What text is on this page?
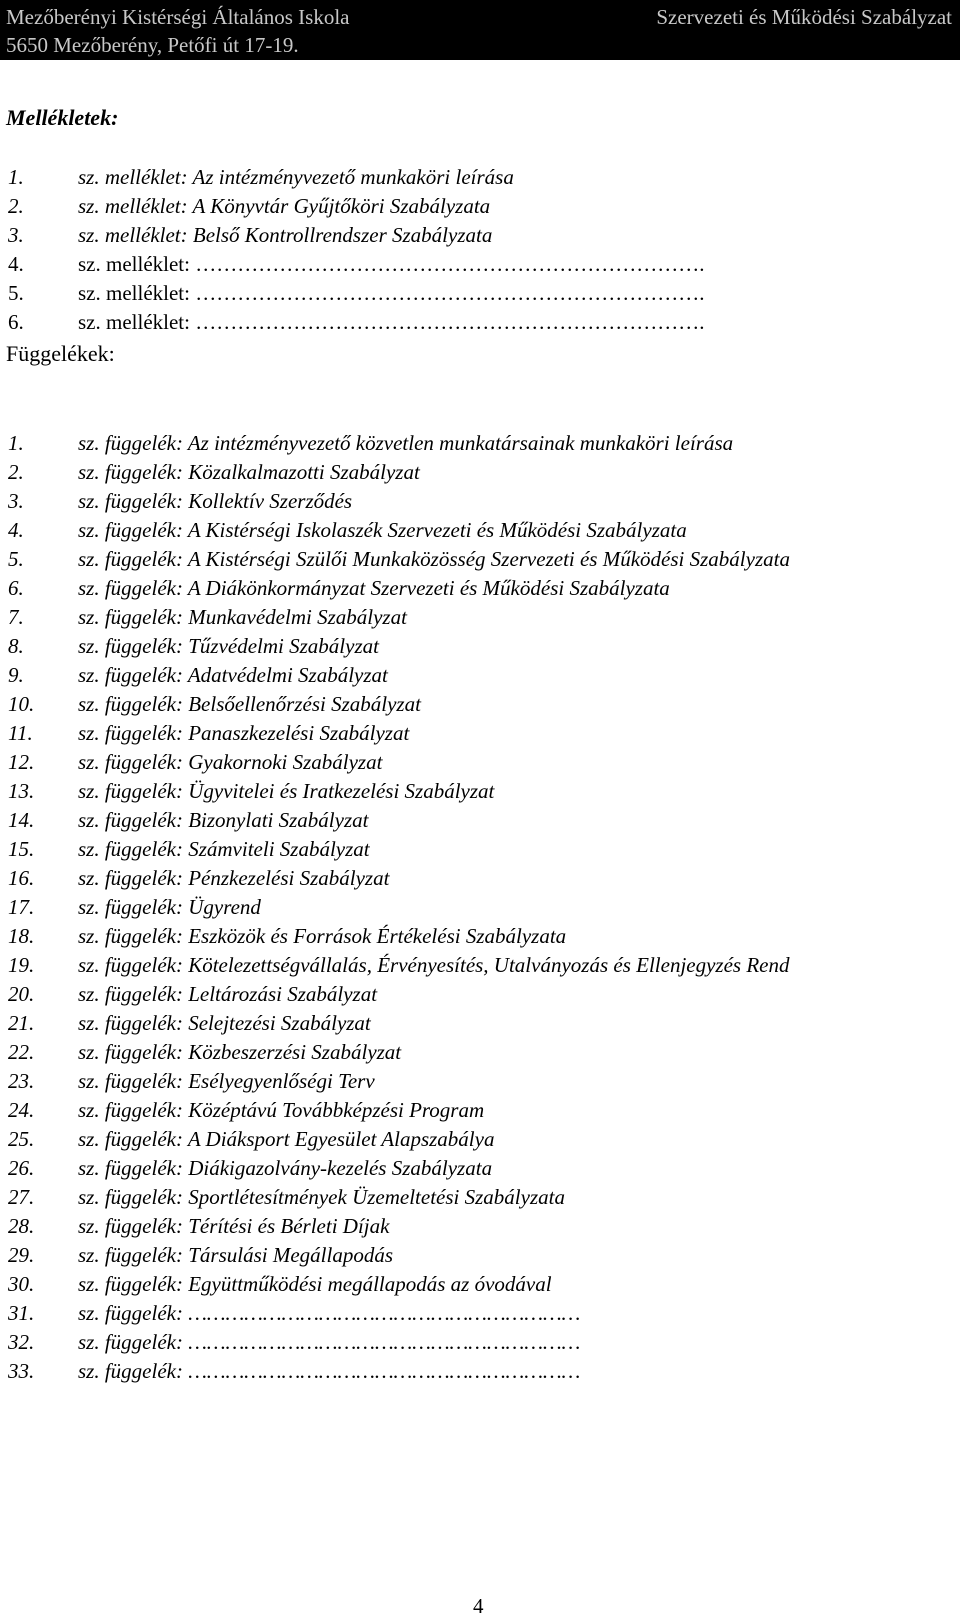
Mezőberényi Kistérségi Általános Iskola	Szervezeti és Működési Szabályzat
5650 Mezőberény, Petőfi út 17-19.
Mellékletek:
1.	sz. melléklet: Az intézményvezető munkaköri leírása
2.	sz. melléklet: A Könyvtár Gyűjtőköri Szabályzata
3.	sz. melléklet: Belső Kontrollrendszer Szabályzata
4.	sz. melléklet: ……………………………………………………………….
5.	sz. melléklet: ……………………………………………………………….
6.	sz. melléklet: ……………………………………………………………….
Függelékek:
1.	sz. függelék: Az intézményvezető közvetlen munkatársainak munkaköri leírása
2.	sz. függelék: Közalkalmazotti Szabályzat
3.	sz. függelék: Kollektív Szerződés
4.	sz. függelék: A Kistérségi Iskolaszék Szervezeti és Működési Szabályzata
5.	sz. függelék: A Kistérségi Szülői Munkaközösség Szervezeti és Működési Szabályzata
6.	sz. függelék: A Diákönkormányzat Szervezeti és Működési Szabályzata
7.	sz. függelék: Munkavédelmi Szabályzat
8.	sz. függelék: Tűzvédelmi Szabályzat
9.	sz. függelék: Adatvédelmi Szabályzat
10. sz. függelék: Belsőellenőrzési Szabályzat
11. sz. függelék: Panaszkezelési Szabályzat
12. sz. függelék: Gyakornoki Szabályzat
13. sz. függelék: Ügyvitelei és Iratkezelési Szabályzat
14. sz. függelék: Bizonylati Szabályzat
15. sz. függelék: Számviteli Szabályzat
16. sz. függelék: Pénzkezelési Szabályzat
17. sz. függelék: Ügyrend
18. sz. függelék: Eszközök és Források Értékelési Szabályzata
19. sz. függelék: Kötelezettségvállalás, Érvényesítés, Utalványozás és Ellenjegyzés Rend
20. sz. függelék: Leltározási Szabályzat
21. sz. függelék: Selejtezési Szabályzat
22. sz. függelék: Közbeszerzési Szabályzat
23. sz. függelék: Esélyegyenlőségi Terv
24. sz. függelék: Középtávú Továbbképzési Program
25. sz. függelék: A Diáksport Egyesület Alapszabálya
26. sz. függelék: Diákigazolvány-kezelés Szabályzata
27. sz. függelék: Sportlétesítmények Üzemeltetési Szabályzata
28. sz. függelék: Térítési és Bérleti Díjak
29. sz. függelék: Társulási Megállapodás
30. sz. függelék: Együttműködési megállapodás az óvodával
31. sz. függelék: ………………………………………………………
32. sz. függelék: ………………………………………………………
33. sz. függelék: ………………………………………………………
4
